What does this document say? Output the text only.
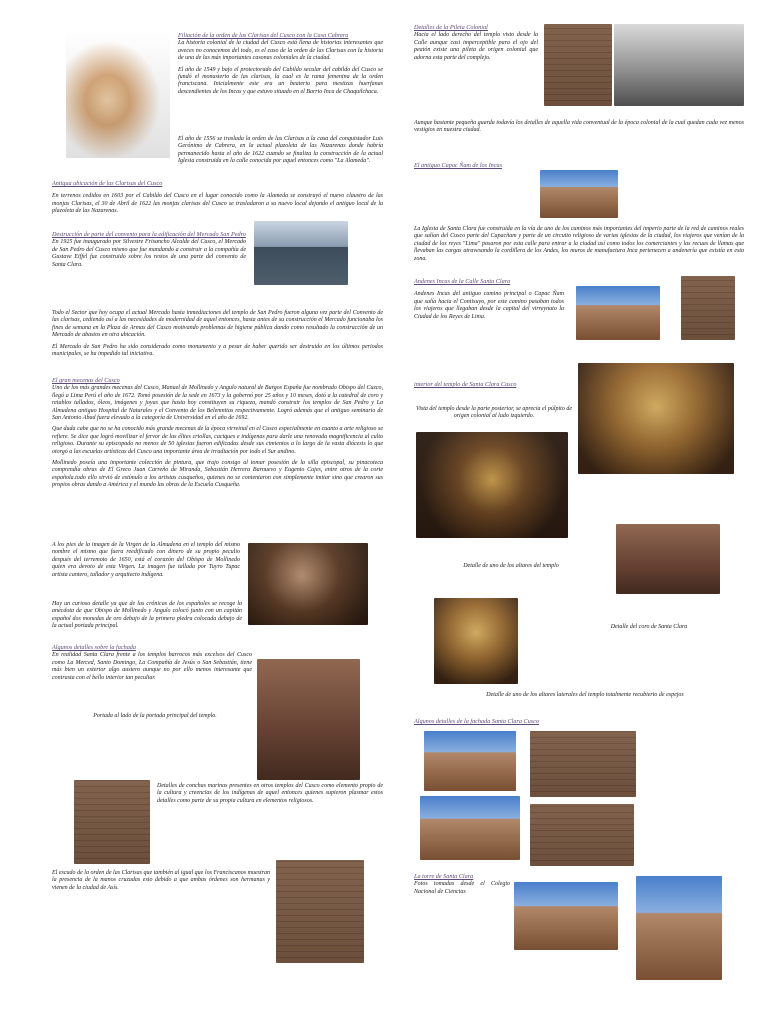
Filiación de la orden de las Clarisas del Cusco con la Casa Cabrera

La historia colonial de la ciudad del Cusco está llena de historias interesantes que aveces no conocemos del todo, es el caso de la orden de las Clarisas con la historia de una de las más importantes casonas coloniales de la ciudad.

El año de 1549 y bajo el protectorado del Cabildo secular del cabildo del Cusco se fundó el monasterio de las clarisas, la cual es la rama femenina de la orden franciscana. Inicialmente este era un beaterio para mestizas huerfanas descendientes de los Incas y que estuvo situado en el Barrio Inca de Chaquilchaca.

El año de 1556 se traslada la orden de las Clarisas a la casa del conquistador Luis Gerónimo de Cabrera, en la actual plazoleta de las Nazarenas donde habría permanecido hasta el año de 1622 cuando se finaliza la construcción de la actual Iglesia construida en la calle conocida por aquel entonces como "La Alameda".

Antigua ubicación de las Clarisas del Cusco

En terrenos cedidos en 1603 por el Cabildo del Cusco en el lugar conocido como la Alameda se construyó el nuevo claustro de las monjas Clarisas, el 30 de Abril de 1622 las monjas clarisas del Cusco se trasladaron a su nuevo local dejando el antiguo local de la plazoleta de las Nazarenas.

Destrucción de parte del convento para la edificación del Mercado San Pedro

En 1925 fue inaugurado por Silvestre Frisancho Alcalde del Cusco, el Mercado de San Pedro del Cusco mismo que fue mandando a construir a la compañía de Gustave Eiffel fue construido sobre los restos de una parte del convento de Santa Clara.

Todo el Sector que hoy ocupa el actual Mercado hasta inmediaciones del templo de San Pedro fueron alguna vez parte del Convento de las clarisas, cediendo así a las necesidades de modernidad de aquel entonces, hasta antes de su construcción el Mercado funcionaba los fines de semana en la Plaza de Armas del Cusco motivando problemas de higiene pública dando como resultado la construcción de un Mercado de abastos en otra ubicación.

El Mercado de San Pedro ha sido considerado como monumento y a pesar de haber querido ser destruido en los últimos periodos municipales, se ha impedido tal iniciativa.

El gran mecenas del Cusco

Uno de los más grandes mecenas del Cusco, Manuel de Mollinedo y Angulo natural de Burgos España fue nombrado Obispo del Cuzco, llegó a Lima Perú el año de 1672. Tomó posesión de la sede en 1673 y la gobernó por 25 años y 10 meses, dotó a la catedral de coro y retablos tallados, óleos, imágenes y joyas que hasta hoy constituyen su riqueza, mandó construir los templos de San Pedro y La Almudena antiguo Hospital de Naturales y el Convento de los Belemnitas respectivamente. Logró además que el antiguo seminario de San Antonio Abad fuera elevado a la categoría de Universidad en el año de 1692.

Que duda cabe que no se ha conocido más grande mecenas de la época virreinal en el Cusco especialmente en cuanto a arte religioso se refiere. Se dice que logró movilizar el fervor de las élites criollas, caciques e indígenas para darle una renovada magnificencia al culto religioso. Durante su episcopado no menos de 50 iglesias fueron edificadas desde sus cimientos a lo largo de la vasta diócesis lo que otorgó a las escuelas artísticas del Cusco una importante área de irradiación por todo el Sur andino.

Mollinedo poseía una importante colección de pintura, que trajo consigo al tomar posesión de la silla episcopal, su pinacoteca comprendía obras de El Greco Juan Carreño de Miranda, Sebastián Herrera Barnuevo y Eugenio Cajes, entre otros de la corte española.todo ello sirvió de estímulo a los artistas cusqueños, quienes no se contentaron con simplemente imitar sino que crearon sus propios obras dando a América y el mundo las obras de la Escuela Cusqueña.

A los pies de la imagen de la Virgen de la Almudena en el templo del mismo nombre el mismo que fuera reedificado con dinero de su propio peculio después del terremoto de 1650, está el corazón del Obispo de Mollinedo quien era devoto de esta Virgen. La imagen fue tallada por Tuyro Tupac artista cantero, tallador y arquitecto indígena.

Hay un curioso detalle ya que de las crónicas de los españoles se recoge la anécdota de que Obispo de Mollinedo y Angulo colocó junto con un capitán español dos monedas de oro debajo de la primera piedra colocada debajo de la actual portada principal.

Algunos detalles sobre la fachada

En realidad Santa Clara frente a los templos barrocos más excelsos del Cusco como La Merced, Santo Domingo, La Compañía de Jesús o San Sebastián, tiene más bien un exterior algo austero aunque no por ello menos interesante que contrasta con el bello interior tan peculiar.

Portada al lado de la portada principal del templo.

Detalles de conchas marinas presentes en otros templos del Cusco como elemento propio de la cultura y creencias de los indígenas de aquel entonces quienes supieron plasmar estos detalles como parte de su propia cultura en elementos religiosos.

El escudo de la orden de las Clarisas que también al igual que los Franciscanos muestran la presencia de la manos cruzadas esto debido a que ambas órdenes son hermanas y vienen de la ciudad de Asís.

Detalles de la Pileta Colonial

Hacia el lado derecho del templo visto desde la Calle aunque casi imperceptible para el ojo del peatón existe una pileta de origen colonial que adorna esta parte del complejo.

Aunque bastante pequeña guarda todavía los detalles de aquella vida conventual de la época colonial de la cual quedan cada vez menos vestigios en nuestra ciudad.

El antiguo Capac Ñam de los Incas

La Iglesia de Santa Clara fue construida en la vía de uno de los caminos más importantes del imperio parte de la red de caminos reales que salían del Cusco parte del Capacñam y parte de un circuito religioso de varias iglesias de la ciudad, los viajeros que venían de la ciudad de los reyes "Lima" pasaron por esta calle para entrar a la ciudad así como todos los comerciantes y las recuas de llamas que llevaban las cargas atravesando la cordillera de los Andes, los muros de manufactura Inca pertenecen a andenería que existía en esta zona.

Andenes Incas de la Calle Santa Clara

Andenes Incas del antiguo camino principal o Capac Ñam que salía hacia el Contisuyo, por este camino pasaban todos los viajeros que llegaban desde la capital del virreynato la Ciudad de los Reyes de Lima.

interior del templo de Santa Clara Cusco
Vista del templo desde la parte posterior, se aprecia el púlpito de origen colonial al lado izquierdo.
Detalle de uno de los altares del templo
Detalle del coro de Santa Clara
Detalle de uno de los altares laterales del templo totalmente recubierto de espejos
Algunos detalles de la fachada Santa Clara Cusco
La torre de Santa Clara

Fotos tomadas desde el Colegio Nacional de Ciencias
